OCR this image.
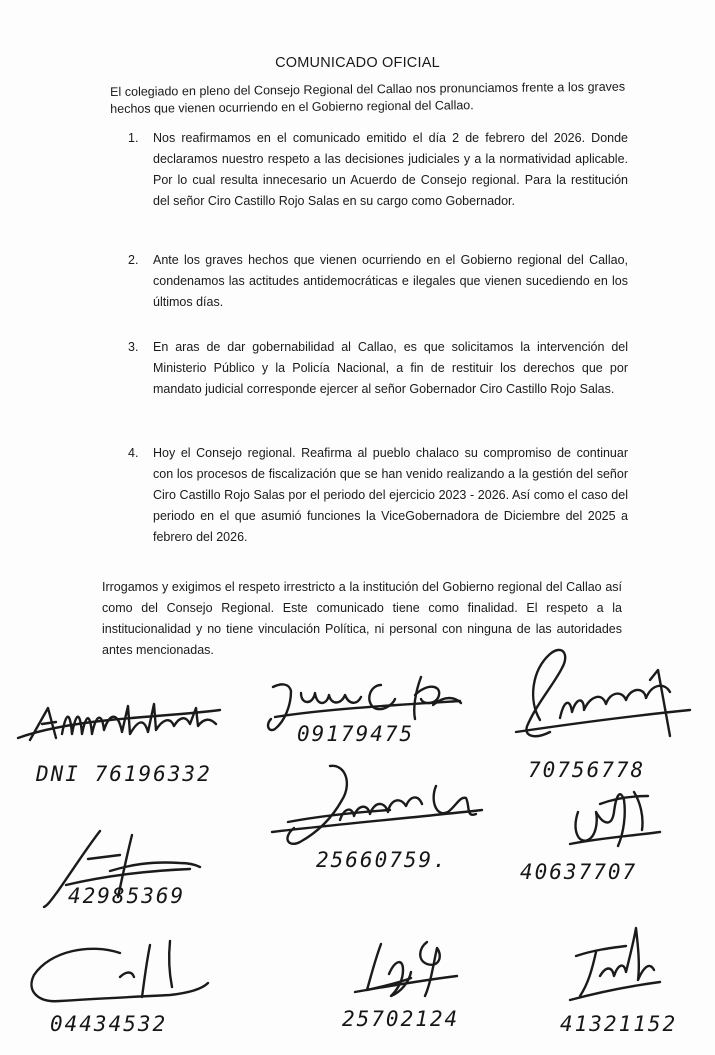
COMUNICADO OFICIAL
El colegiado en pleno del Consejo Regional del Callao nos pronunciamos frente a los graves hechos que vienen ocurriendo en el Gobierno regional del Callao.
1. Nos reafirmamos en el comunicado emitido el día 2 de febrero del 2026. Donde declaramos nuestro respeto a las decisiones judiciales y a la normatividad aplicable. Por lo cual resulta innecesario un Acuerdo de Consejo regional. Para la restitución del señor Ciro Castillo Rojo Salas en su cargo como Gobernador.
2. Ante los graves hechos que vienen ocurriendo en el Gobierno regional del Callao, condenamos las actitudes antidemocráticas e ilegales que vienen sucediendo en los últimos días.
3. En aras de dar gobernabilidad al Callao, es que solicitamos la intervención del Ministerio Público y la Policía Nacional, a fin de restituir los derechos que por mandato judicial corresponde ejercer al señor Gobernador Ciro Castillo Rojo Salas.
4. Hoy el Consejo regional. Reafirma al pueblo chalaco su compromiso de continuar con los procesos de fiscalización que se han venido realizando a la gestión del señor Ciro Castillo Rojo Salas por el periodo del ejercicio 2023 - 2026. Así como el caso del periodo en el que asumió funciones la ViceGobernadora de Diciembre del 2025 a febrero del 2026.
Irrogamos y exigimos el respeto irrestricto a la institución del Gobierno regional del Callao así como del Consejo Regional. Este comunicado tiene como finalidad. El respeto a la institucionalidad y no tiene vinculación Política, ni personal con ninguna de las autoridades antes mencionadas.
DNI 76196332
09179475
70756778
25660759.	40637707
42985369
04434532	25702124	41321152
